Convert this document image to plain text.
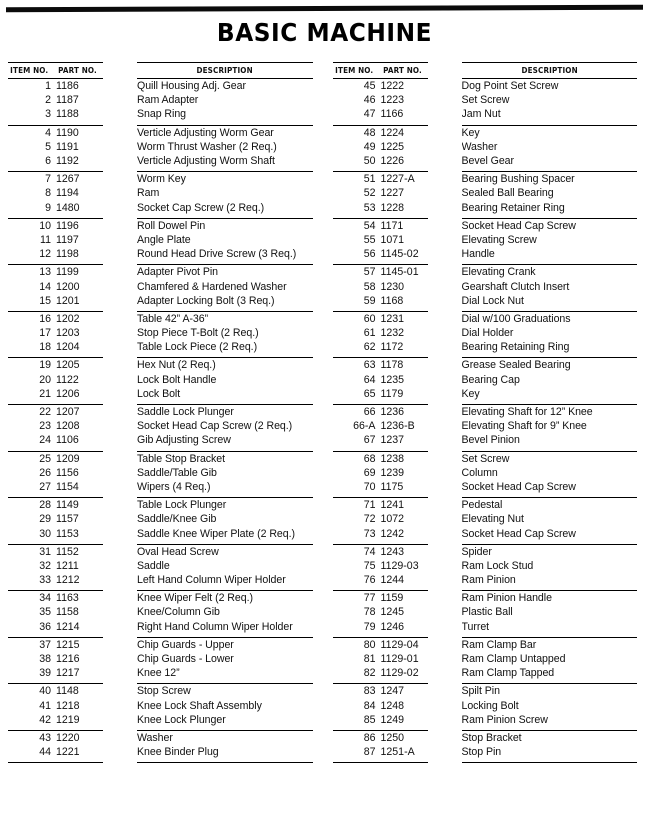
BASIC MACHINE
ITEM NO.	PART NO.	DESCRIPTION
1 1186	Quill Housing Adj. Gear
2 1187	Ram Adapter
3 1188	Snap Ring
4 1190	Verticle Adjusting Worm Gear
5 1191	Worm Thrust Washer (2 Req.)
6 1192	Verticle Adjusting Worm Shaft
7 1267	Worm Key
8 1194	Ram
9 1480	Socket Cap Screw (2 Req.)
10 1196	Roll Dowel Pin
11 1197	Angle Plate
12 1198	Round Head Drive Screw (3 Req.)
13 1199	Adapter Pivot Pin
14 1200	Chamfered & Hardened Washer
15 1201	Adapter Locking Bolt (3 Req.)
16 1202	Table 42” A-36”
17 1203	Stop Piece T-Bolt (2 Req.)
18 1204	Table Lock Piece (2 Req.)
19 1205	Hex Nut (2 Req.)
20 1122	Lock Bolt Handle
21 1206	Lock Bolt
22 1207	Saddle Lock Plunger
23 1208	Socket Head Cap Screw (2 Req.)
24 1106	Gib Adjusting Screw
25 1209	Table Stop Bracket
26 1156	Saddle/Table Gib
27 1154	Wipers (4 Req.)
28 1149	Table Lock Plunger
29 1157	Saddle/Knee Gib
30 1153	Saddle Knee Wiper Plate (2 Req.)
31 1152	Oval Head Screw
32 1211	Saddle
33 1212	Left Hand Column Wiper Holder
34 1163	Knee Wiper Felt (2 Req.)
35 1158	Knee/Column Gib
36 1214	Right Hand Column Wiper Holder
37 1215	Chip Guards - Upper
38 1216	Chip Guards - Lower
39 1217	Knee 12”
40 1148	Stop Screw
41 1218	Knee Lock Shaft Assembly
42 1219	Knee Lock Plunger
43 1220	Washer
44 1221	Knee Binder Plug
ITEM NO.	PART NO.	DESCRIPTION
45 1222	Dog Point Set Screw
46 1223	Set Screw
47 1166	Jam Nut
48 1224	Key
49 1225	Washer
50 1226	Bevel Gear
51 1227-A	Bearing Bushing Spacer
52 1227	Sealed Ball Bearing
53 1228	Bearing Retainer Ring
54 1171	Socket Head Cap Screw
55 1071	Elevating Screw
56 1145-02	Handle
57 1145-01	Elevating Crank
58 1230	Gearshaft Clutch Insert
59 1168	Dial Lock Nut
60 1231	Dial w/100 Graduations
61 1232	Dial Holder
62 1172	Bearing Retaining Ring
63 1178	Grease Sealed Bearing
64 1235	Bearing Cap
65 1179	Key
66 1236	Elevating Shaft for 12” Knee
66-A 1236-B	Elevating Shaft for 9” Knee
67 1237	Bevel Pinion
68 1238	Set Screw
69 1239	Column
70 1175	Socket Head Cap Screw
71 1241	Pedestal
72 1072	Elevating Nut
73 1242	Socket Head Cap Screw
74 1243	Spider
75 1129-03	Ram Lock Stud
76 1244	Ram Pinion
77 1159	Ram Pinion Handle
78 1245	Plastic Ball
79 1246	Turret
80 1129-04	Ram Clamp Bar
81 1129-01	Ram Clamp Untapped
82 1129-02	Ram Clamp Tapped
83 1247	Spilt Pin
84 1248	Locking Bolt
85 1249	Ram Pinion Screw
86 1250	Stop Bracket
87 1251-A	Stop Pin
